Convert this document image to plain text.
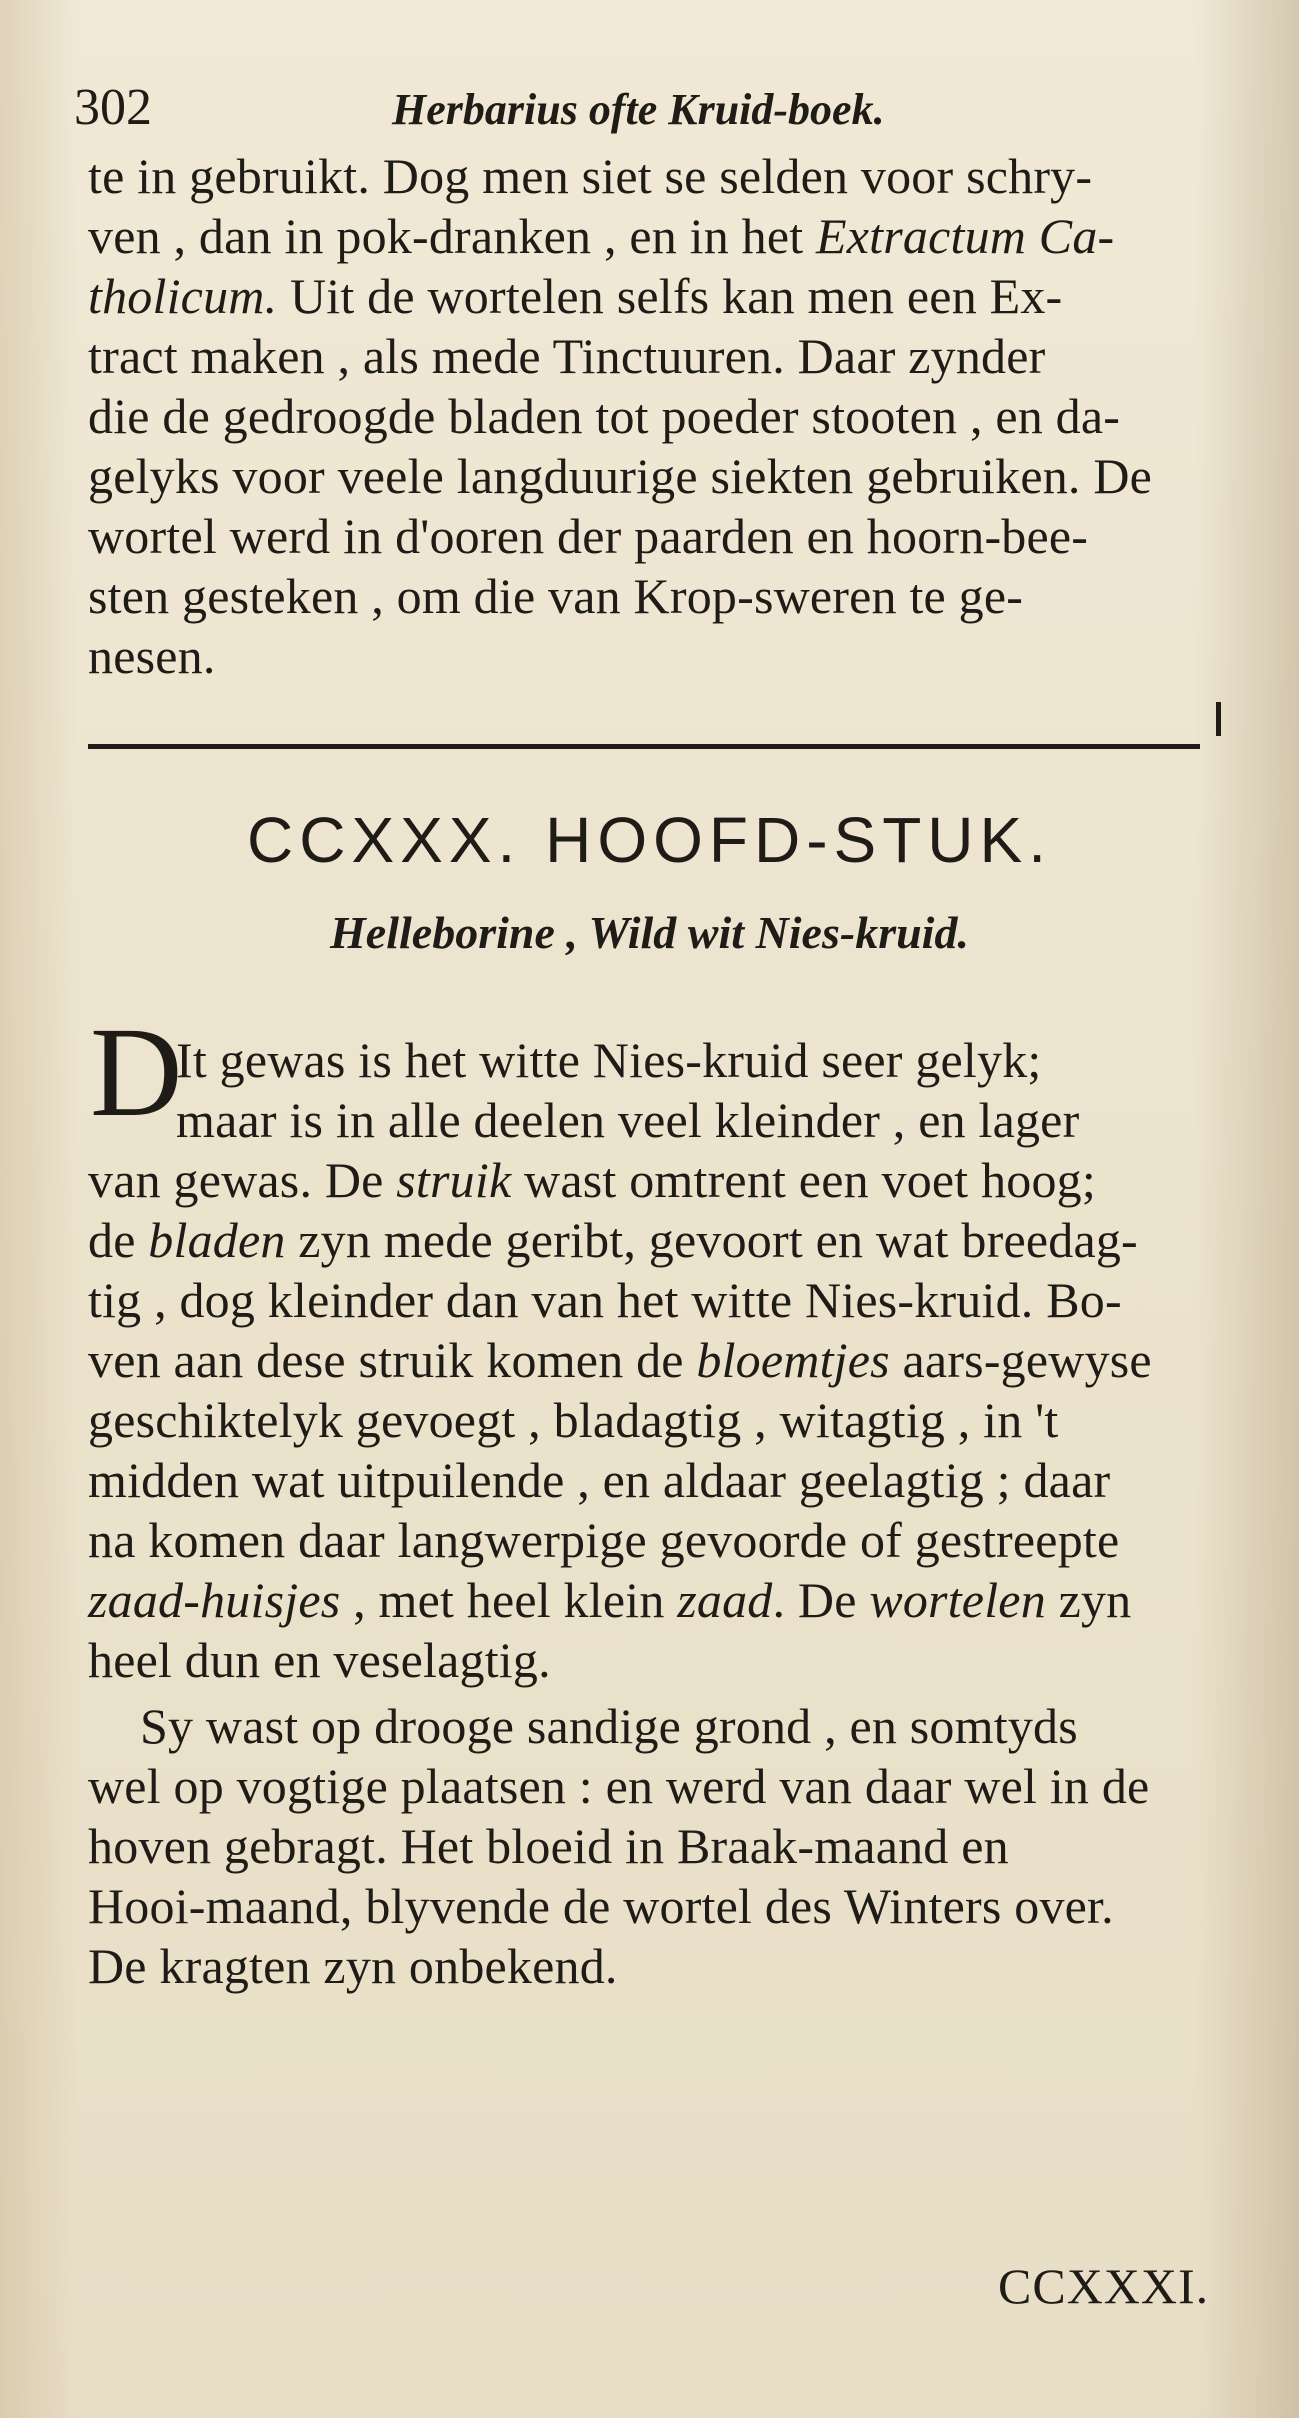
302	Herbarius ofte Kruid-boek.
te in gebruikt. Dog men siet se selden voor schry-
ven , dan in pok-dranken , en in het Extractum Ca-
tholicum. Uit de wortelen selfs kan men een Ex-
tract maken , als mede Tinctuuren. Daar zynder
die de gedroogde bladen tot poeder stooten , en da-
gelyks voor veele langduurige siekten gebruiken. De
wortel werd in d'ooren der paarden en hoorn-bee-
sten gesteken , om die van Krop-sweren te ge-
nesen.
CCXXX. HOOFD-STUK.
Helleborine , Wild wit Nies-kruid.
D
It gewas is het witte Nies-kruid seer gelyk;
maar is in alle deelen veel kleinder , en lager
van gewas. De struik wast omtrent een voet hoog;
de bladen zyn mede geribt, gevoort en wat breedag-
tig , dog kleinder dan van het witte Nies-kruid. Bo-
ven aan dese struik komen de bloemtjes aars-gewyse
geschiktelyk gevoegt , bladagtig , witagtig , in 't
midden wat uitpuilende , en aldaar geelagtig ; daar
na komen daar langwerpige gevoorde of gestreepte
zaad-huisjes , met heel klein zaad. De wortelen zyn
heel dun en veselagtig.
Sy wast op drooge sandige grond , en somtyds
wel op vogtige plaatsen : en werd van daar wel in de
hoven gebragt. Het bloeid in Braak-maand en
Hooi-maand, blyvende de wortel des Winters over.
De kragten zyn onbekend.
CCXXXI.
